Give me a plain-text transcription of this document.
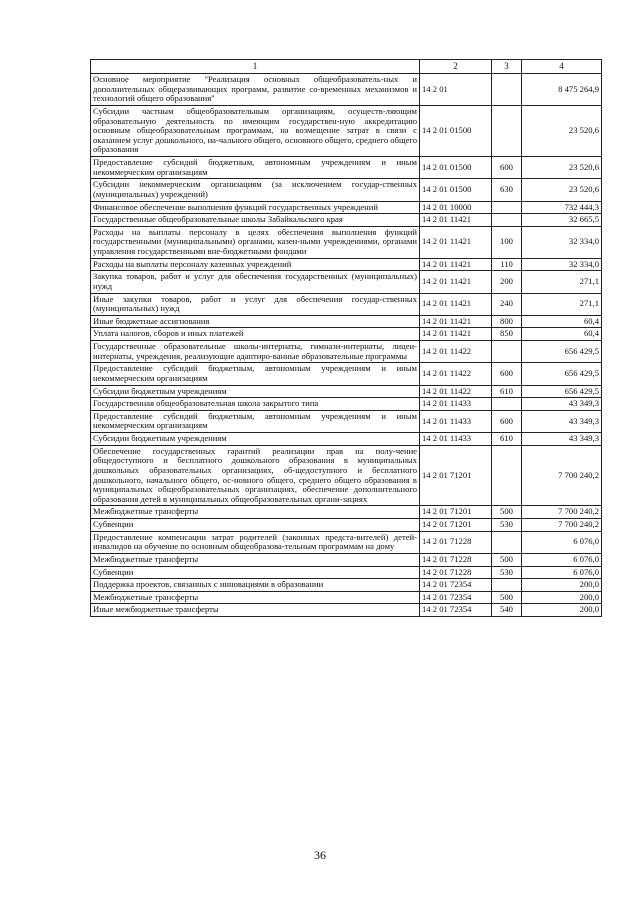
1	2	3	4
Основное мероприятие "Реализация основных общеобразователь-ных и дополнительных общеразвивающих программ, развитие со-временных механизмов и технологий общего образования"	14 2 01		8 475 264,9
Субсидии частным общеобразовательным организациям, осуществ-ляющим образовательную деятельность по имеющим государствен-ную аккредитацию основным общеобразовательным программам, на возмещение затрат в связи с оказанием услуг дошкольного, на-чального общего, основного общего, среднего общего образования	14 2 01 01500		23 520,6
Предоставление субсидий бюджетным, автономным учреждениям и иным некоммерческим организациям	14 2 01 01500	600	23 520,6
Субсидии некоммерческим организациям (за исключением государ-ственных (муниципальных) учреждений)	14 2 01 01500	630	23 520,6
Финансовое обеспечение выполнения функций государственных учреждений	14 2 01 10000		732 444,3
Государственные общеобразовательные школы Забайкальского края	14 2 01 11421		32 665,5
Расходы на выплаты персоналу в целях обеспечения выполнения функций государственными (муниципальными) органами, казен-ными учреждениями, органами управления государственными вне-бюджетными фондами	14 2 01 11421	100	32 334,0
Расходы на выплаты персоналу казенных учреждений	14 2 01 11421	110	32 334,0
Закупка товаров, работ и услуг для обеспечения государственных (муниципальных) нужд	14 2 01 11421	200	271,1
Иные закупки товаров, работ и услуг для обеспечения государ-ственных (муниципальных) нужд	14 2 01 11421	240	271,1
Иные бюджетные ассигнования	14 2 01 11421	800	60,4
Уплата налогов, сборов и иных платежей	14 2 01 11421	850	60,4
Государственные образовательные школы-интернаты, гимнази-интернаты, лицеи-интернаты, учреждения, реализующие адаптиро-ванные образовательные программы	14 2 01 11422		656 429,5
Предоставление субсидий бюджетным, автономным учреждениям и иным некоммерческим организациям	14 2 01 11422	600	656 429,5
Субсидии бюджетным учреждениям	14 2 01 11422	610	656 429,5
Государственная общеобразовательная школа закрытого типа	14 2 01 11433		43 349,3
Предоставление субсидий бюджетным, автономным учреждениям и иным некоммерческим организациям	14 2 01 11433	600	43 349,3
Субсидии бюджетным учреждениям	14 2 01 11433	610	43 349,3
Обеспечение государственных гарантий реализации прав на полу-чение общедоступного и бесплатного дошкольного образования в муниципальных дошкольных образовательных организациях, об-щедоступного и бесплатного дошкольного, начального общего, ос-новного общего, среднего общего образования в муниципальных общеобразовательных организациях, обеспечение дополнительного образования детей в муниципальных общеобразовательных органи-зациях	14 2 01 71201		7 700 240,2
Межбюджетные трансферты	14 2 01 71201	500	7 700 240,2
Субвенции	14 2 01 71201	530	7 700 240,2
Предоставление компенсации затрат родителей (законных предста-вителей) детей-инвалидов на обучение по основным общеобразова-тельным программам на дому	14 2 01 71228		6 076,0
Межбюджетные трансферты	14 2 01 71228	500	6 076,0
Субвенции	14 2 01 71228	530	6 076,0
Поддержка проектов, связанных с инновациями в образовании	14 2 01 72354		200,0
Межбюджетные трансферты	14 2 01 72354	500	200,0
Иные межбюджетные трансферты	14 2 01 72354	540	200,0
36
